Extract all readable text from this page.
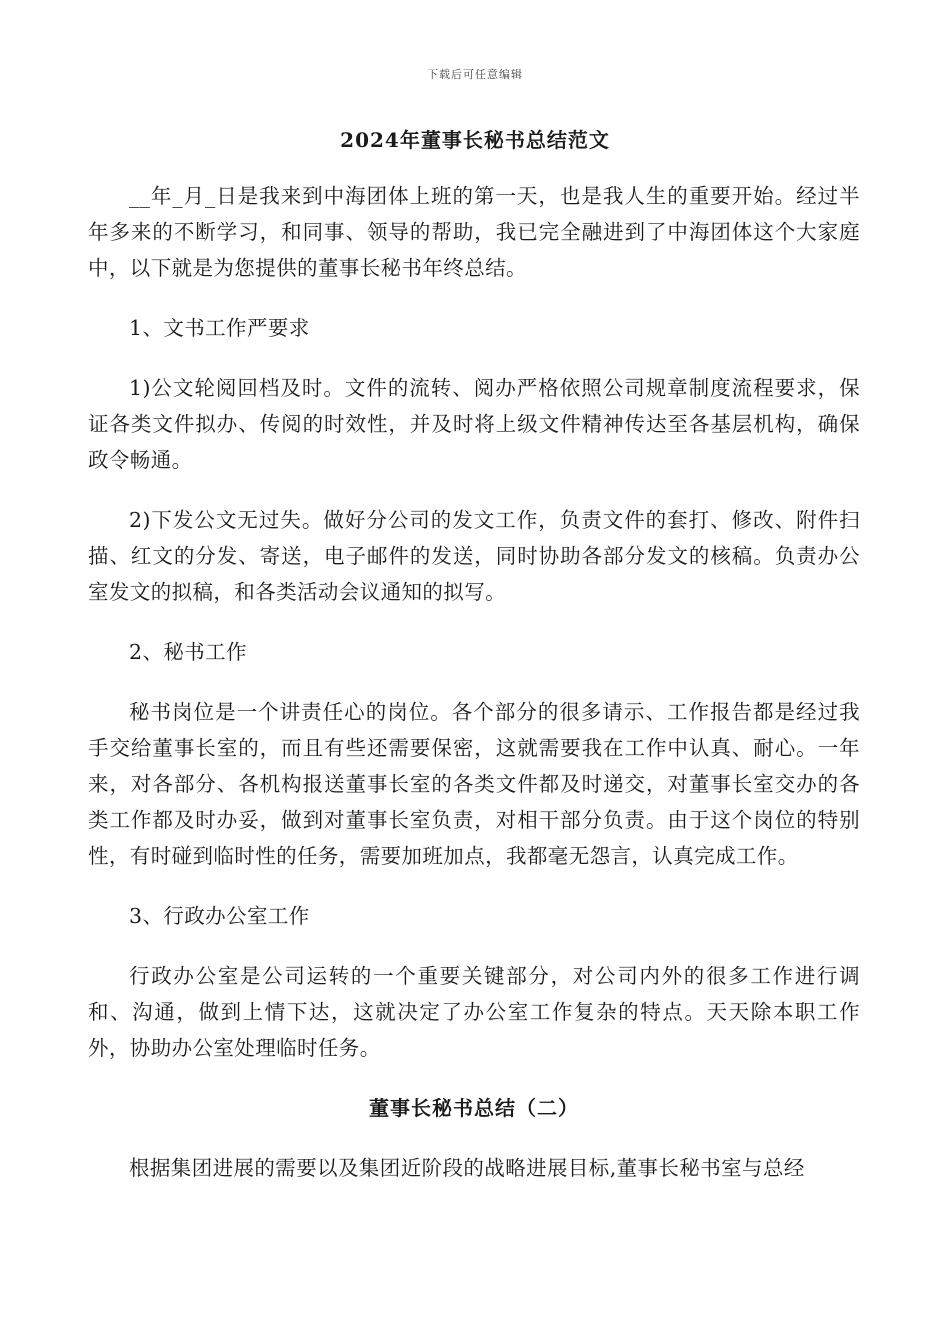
下载后可任意编辑
2024年董事长秘书总结范文

__年_月_日是我来到中海团体上班的第一天，也是我人生的重要开始。经过半年多来的不断学习，和同事、领导的帮助，我已完全融进到了中海团体这个大家庭中，以下就是为您提供的董事长秘书年终总结。

1、文书工作严要求

1)公文轮阅回档及时。文件的流转、阅办严格依照公司规章制度流程要求，保证各类文件拟办、传阅的时效性，并及时将上级文件精神传达至各基层机构，确保政令畅通。

2)下发公文无过失。做好分公司的发文工作，负责文件的套打、修改、附件扫描、红文的分发、寄送，电子邮件的发送，同时协助各部分发文的核稿。负责办公室发文的拟稿，和各类活动会议通知的拟写。

2、秘书工作

秘书岗位是一个讲责任心的岗位。各个部分的很多请示、工作报告都是经过我手交给董事长室的，而且有些还需要保密，这就需要我在工作中认真、耐心。一年来，对各部分、各机构报送董事长室的各类文件都及时递交，对董事长室交办的各类工作都及时办妥，做到对董事长室负责，对相干部分负责。由于这个岗位的特别性，有时碰到临时性的任务，需要加班加点，我都毫无怨言，认真完成工作。

3、行政办公室工作

行政办公室是公司运转的一个重要关键部分，对公司内外的很多工作进行调和、沟通，做到上情下达，这就决定了办公室工作复杂的特点。天天除本职工作外，协助办公室处理临时任务。

董事长秘书总结（二）

根据集团进展的需要以及集团近阶段的战略进展目标,董事长秘书室与总经
